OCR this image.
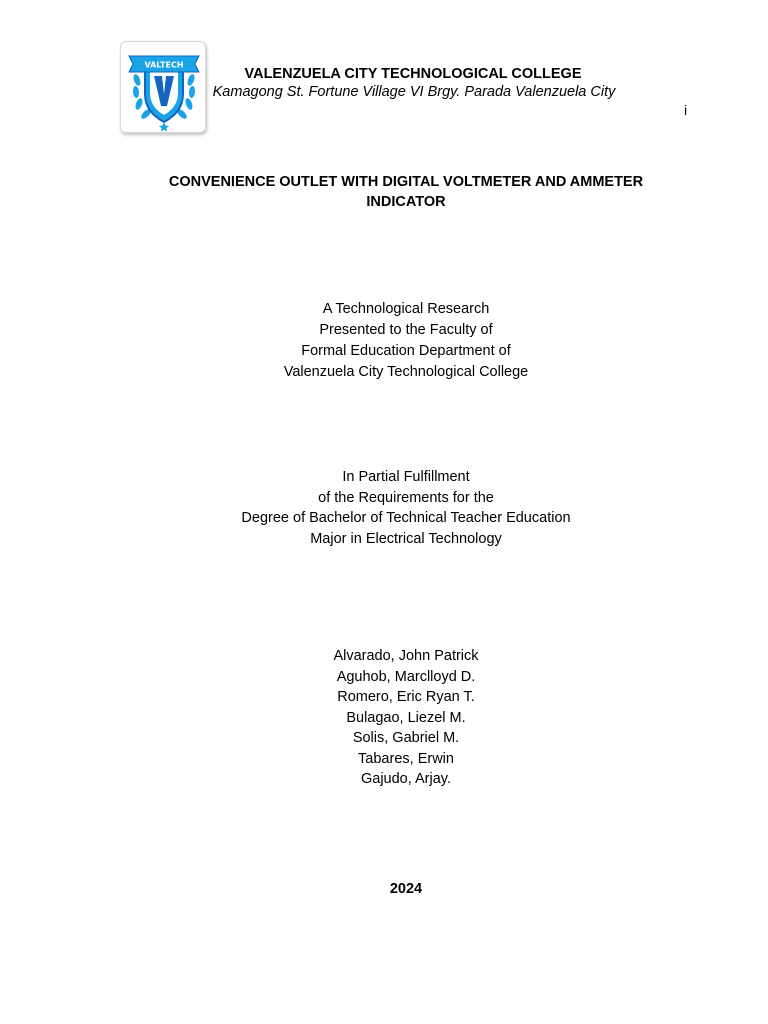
VALTECH
VALENZUELA CITY TECHNOLOGICAL COLLEGE
Kamagong St. Fortune Village VI Brgy. Parada Valenzuela City
i
CONVENIENCE OUTLET WITH DIGITAL VOLTMETER AND AMMETER
INDICATOR
A Technological Research
Presented to the Faculty of
Formal Education Department of
Valenzuela City Technological College
In Partial Fulfillment
of the Requirements for the
Degree of Bachelor of Technical Teacher Education
Major in Electrical Technology
Alvarado, John Patrick
Aguhob, Marclloyd D.
Romero, Eric Ryan T.
Bulagao, Liezel M.
Solis, Gabriel M.
Tabares, Erwin
Gajudo, Arjay.
2024
